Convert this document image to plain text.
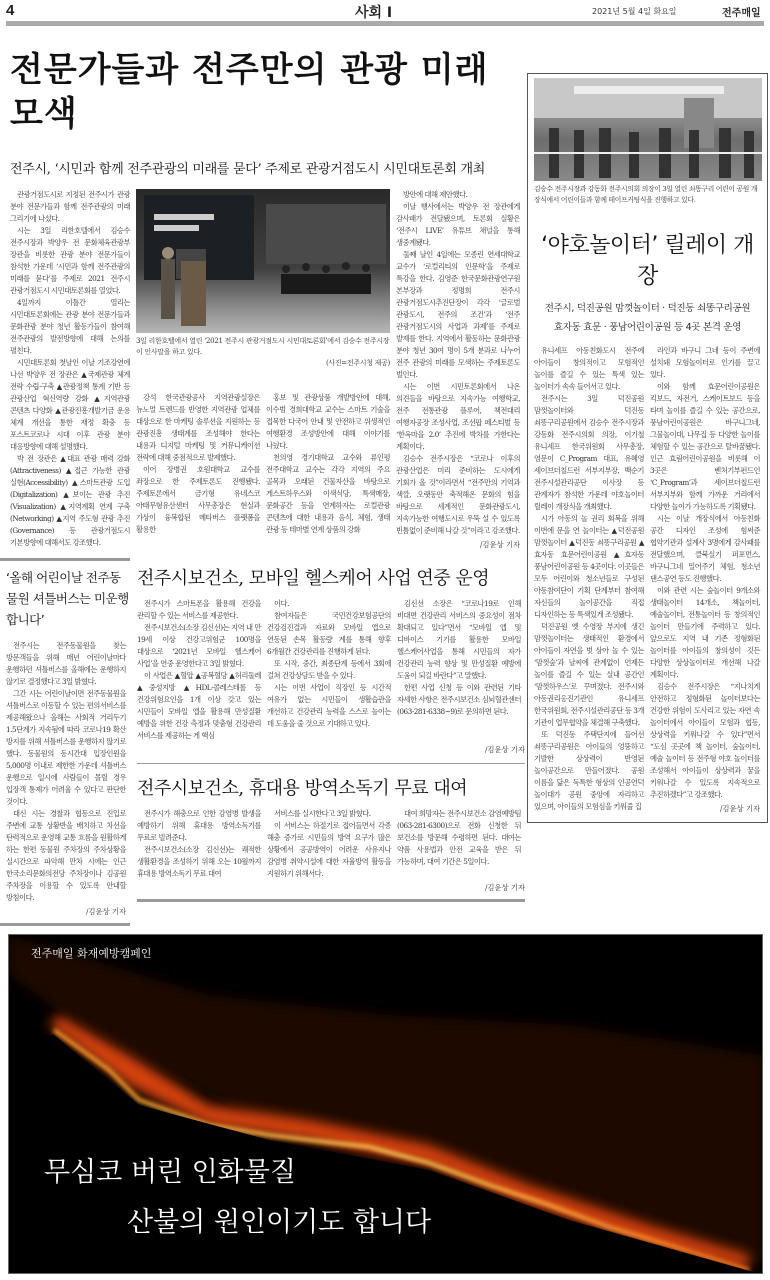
4	사회 I	2021년 5월 4일 화요일	전주매일
전문가들과 전주만의 관광 미래 모색
전주시, ‘시민과 함께 전주관광의 미래를 묻다’ 주제로 관광거점도시 시민대토론회 개최

관광거점도시로 지정된 전주시가 관광 분야 전문가들과 함께 전주관광의 미래 그리기에 나섰다.

시는 3일 리한호텔에서 김승수 전주시장과 박양우 전 문화체육관광부 장관을 비롯한 관광 분야 전문가들이 참석한 가운데 ‘시민과 함께 전주관광의 미래를 묻다’를 주제로 2021 전주시 관광거점도시 시민대토론회를 열었다.

4일까지 이틀간 열리는 시민대토론회에는 관광 분야 전문가들과 문화관광 분야 청년 활동가들이 참여해 전주관광의 발전방향에 대해 논의를 펼친다.

시민대토론회 첫날인 이날 기조강연에 나선 박양우 전 장관은 ▲국제관광 체계 전략 수립·구축 ▲관광정책 통계 기반 등 관광산업 혁신역량 강화 ▲지역관광 콘텐츠 다양화 ▲관광진흥개발기금 운용 체계 개선을 통한 재정 확충 등 포스트코로나 시대 이후 관광 분야 대응방향에 대해 설명했다.

박 전 장관은 ▲대표 관광 매력 강화(Attractiveness) ▲접근 가능한 관광 실현(Accessibility) ▲스마트관광 도입(Digitalization) ▲보이는 관광 추진(Visualization) ▲지역계획 연계 구축(Networking) ▲지역 주도형 관광 추진(Governance) 등 관광거점도시 기본방향에 대해서도 강조했다.

3일 리한호텔에서 열린 ‘2021 전주시 관광거점도시 시민대토론회’에서 김승수 전주시장이 인사말을 하고 있다.
(사진=전주시청 제공)

강석 한국관광공사 지역관광실장은 뉴노멀 트렌드를 반영한 지역관광 업체를 대상으로 한 마케팅 솔루션을 지원하는 등 관광진흥 생태계를 조성해야 한다는 내용과 디지털 마케팅 및 커뮤니케이션 전략에 대해 중점적으로 발제했다.

이어 장병권 호원대학교 교수를 좌장으로 한 주제토론도 진행됐다. 주제토론에서 금기형 유네스코 아태무형유산센터 사무총장은 현실과 가상이 융복합된 메타버스 플랫폼을 활용한

홍보 및 관광상품 개발방안에 대해, 이수범 경희대학교 교수는 스마트 기술을 접목한 다국어 안내 및 안전하고 위생적인 여행환경 조성방안에 대해 이야기를 나눴다.

천의영 경기대학교 교수와 류인평 전주대학교 교수는 각각 지역의 주요 골목과 오래된 건물자산을 바탕으로 게스트하우스와 이색식당, 특색매장, 문화공간 등을 연계하자는 로컬관광 콘텐츠에 대한 내용과 음식, 체험, 생태 관광 등 테마별 연계 상품의 강화

방안에 대해 제안했다.

이날 행사에서는 박양우 전 장관에게 감사패가 전달됐으며, 토론회 실황은 ‘전주시 LIVE’ 유튜브 채널을 통해 생중계됐다.

둘째 날인 4일에는 모종린 연세대학교 교수가 ‘로컬리티의 인문학’을 주제로 특강을 한다. 김영준 한국문화관광연구원 본부장과 정명희 전주시 관광거점도시추진단장이 각각 ‘글로벌 관광도시, 전주의 조건’과 ‘전주 관광거점도시의 사업과 과제’를 주제로 발제를 한다. 지역에서 활동하는 문화관광 분야 청년 30여 명이 5개 분과로 나누어 전주 관광의 미래를 모색하는 주제토론도 벌인다.

시는 이번 시민토론회에서 나온 의견들을 바탕으로 지속가능 여행학교, 전주 전통관광 플루어, 책전대리 여행자공장 조성사업, 조선팝 페스티벌 등 ‘한옥마을 2.0’ 추진에 박차를 가한다는 계획이다.

김승수 전주시장은 “코로나 이후의 관광산업은 미리 준비하는 도시에게 기회가 올 것”이라면서 “전주만의 기억과 색깔, 오랫동안 축적해온 문화의 힘을 바탕으로 세계적인 문화관광도시, 지속가능한 여행도시로 우뚝 설 수 있도록 빈틈없이 준비해 나갈 것”이라고 강조했다.

/김윤상 기자
‘올해 어린이날 전주동물원 셔틀버스는 미운행합니다’

전주시는 전주동물원을 찾는 방문객들을 위해 매년 어린이날마다 운행하던 셔틀버스를 올해에는 운행하지 않기로 결정했다고 3일 밝혔다.

그간 시는 어린이날이면 전주동물원을 셔틀버스로 이동할 수 있는 편의서비스를 제공해왔으나 올해는 사회적 거리두기 1.5단계가 지속됨에 따라 코로나19 확산 방지를 위해 셔틀버스를 운행하지 않기로 했다. 동물원의 동시간대 입장인원을 5,000명 이내로 제한한 가운데 셔틀버스 운행으로 일시에 사람들이 몰릴 경우 입장객 통제가 어려울 수 있다고 판단한 것이다.

대신 시는 경찰과 협동으로 진입로 주변에 교통 상황반을 배치하고 차선을 탄력적으로 운영해 교통 흐름을 원활하게 하는 한편 동물원 주차장의 주차상황을 실시간으로 파악해 만차 시에는 인근 한국소리문화의전당 주차장이나 김공원 주차장을 이용할 수 있도록 안내할 방침이다.

/김윤상 기자
전주시보건소, 모바일 헬스케어 사업 연중 운영

전주시가 스마트폰을 활용해 건강을 관리할 수 있는 서비스를 제공한다.

전주시보건소(소장 김신선)는 지역 내 만 19세 이상 건강고위험군 100명을 대상으로 ‘2021년 모바일 헬스케어 사업’을 연중 운영한다고 3일 밝혔다.

이 사업은 ▲혈압 ▲공복혈당 ▲허리둘레 ▲중성지방 ▲HDL-콜레스테롤 등 건강위험요인을 1개 이상 갖고 있는 시민들이 모바일 앱을 활용해 만성질환 예방을 위한 건강 측정과 맞춤형 건강관리 서비스를 제공하는 게 핵심

이다.

참여자들은 국민건강보험공단의 건강검진결과 자료와 모바일 앱으로 연동된 손목 활동량 계를 통해 향후 6개월간 건강관리를 진행하게 된다.

또 시작, 중간, 최종단계 등에서 3회에 걸쳐 건강상담도 받을 수 있다.

시는 이번 사업이 직장인 등 시간적 여유가 없는 시민들이 생활습관을 개선하고 건강관리 능력을 스스로 높이는 데 도움을 줄 것으로 기대하고 있다.

김신선 소장은 “코로나19로 인해 비대면 건강관리 서비스의 중요성이 점차 확대되고 있다”면서 “모바일 앱 및 디바이스 기기를 활용한 모바일 헬스케어사업을 통해 시민들의 자가 건강관리 능력 향상 및 만성질환 예방에 도움이 되길 바란다”고 말했다.

한편 사업 신청 등 이와 관련된 기타 자세한 사항은 전주시보건소 심뇌혈관센터(063-281-6338~9)로 문의하면 된다.

/김윤상 기자
전주시보건소, 휴대용 방역소독기 무료 대여

전주시가 해충으로 인한 감염병 발생을 예방하기 위해 휴대용 방역소독기를 무료로 빌려준다.

전주시보건소(소장 김신선)는 쾌적한 생활환경을 조성하기 위해 오는 10월까지 휴대용 방역소독기 무료 대여

서비스를 실시한다고 3일 밝혔다.

이 서비스는 하절기로 접어들면서 각종 해충 증가로 시민들의 방역 요구가 많은 상황에서 공공방역이 어려운 사유지나 감염병 취약시설에 대한 자율방역 활동을 지원하기 위해서다.

대여 희망자는 전주시보건소 감염예방팀(063-281-6300)으로 전화 신청한 뒤 보건소를 방문해 수령하면 된다. 대여는 약품 사용법과 안전 교육을 받은 뒤 가능하며, 대여 기간은 5일이다.

/김윤상 기자
김승수 전주시장과 강동화 전주시의회 의장이 3일 열린 쇠똥구리 어린이 공원 개장식에서 어린이들과 함께 테이프커팅식을 진행하고 있다.
‘야호놀이터’ 릴레이 개장
전주시, 덕진공원 맘껏놀이터 · 덕진동 쇠똥구리공원
효자동 효문 · 풍남어린이공원 등 4곳 본격 운영

유니세프 아동친화도시 전주에 아이들이 창의적이고 모험적인 놀이를 즐길 수 있는 특색 있는 놀이터가 속속 들어서고 있다.

전주시는 3일 덕진공원 맘껏놀이터와 덕진동 쇠똥구리공원에서 김승수 전주시장과 강동화 전주시의회 의장, 이기철 유니세프 한국위원회 사무총장, 염문이 C_Program 대표, 유혜영 세이브더칠드런 서부지부장, 백순기 전주시설관리공단 이사장 등 관계자가 참석한 가운데 야호놀이터 릴레이 개장식을 개최했다.

시가 아동의 놀 권리 회복을 위해 이번에 문을 연 놀이터는 ▲덕진공원 맘껏놀이터 ▲덕진동 쇠똥구리공원 ▲효자동 효문어린이공원 ▲효자동 풍남어린이공원 등 4곳이다. 이곳들은 모두 어린이와 청소년들로 구성된 아동참여단이 기획 단계부터 참여해 자신들의 놀이공간을 직접 디자인하는 등 특색있게 조성됐다.

덕진공원 옛 수영장 부지에 생긴 맘껏놀이터는 생태적인 환경에서 아이들이 자연을 벗 삼아 놀 수 있는 ‘맘껏숲’과 날씨에 관계없이 언제든 놀이를 즐길 수 있는 실내 공간인 ‘맘껏하우스’로 꾸며졌다. 전주시와 아동권리옹진기관인 유니세프 한국위원회, 전주시설관리공단 등 3개 기관이 업무협약을 체결해 구축했다.

또 덕진동 주택단지에 들어선 쇠똥구리공원은 아이들의 엉뚱하고 기발한 상상력이 반영된 놀이공간으로 만들어졌다. 공원 이름을 닮은 독특한 형상의 인공언덕 놀이대가 공원 중앙에 자리하고 있으며, 아이들의 모험심을 키워줄 집

라인과 바구니 그네 등이 주변에 설치돼 모험놀이터로 인기를 끌고 있다.

이와 함께 효문어린이공원은 킥보드, 자전거, 스케이트보드 등을 타며 놀이를 즐길 수 있는 공간으로, 풍남어린이공원은 바구니그네, 그물놀이대, 나무집 등 다양한 놀이를 체험할 수 있는 공간으로 탈바꿈됐다. 인근 효림어린이공원을 비롯해 이 3곳은 벤처기부펀드인 ‘C_Program’과 세이브더칠드런 서부지부와 함께 가까운 거리에서 다양한 놀이가 가능하도록 기획됐다.

시는 이날 개장식에서 아동친화 공간 디자인 조성에 힘써준 협약기관과 설계사 3명에게 감사패를 전달했으며, 클북실기 퍼포먼스, 바구니그네 밀어주기 체험, 청소년 댄스공연 등도 진행했다.

이와 관련 시는 숲놀이터 9개소와 생태놀이터 14개소, 책놀이터, 예술놀이터, 전통놀이터 등 창의적인 놀이터 만들기에 주력하고 있다. 앞으로도 지역 내 기존 정형화된 놀이터를 아이들의 창의성이 깃든 다양한 상상놀이터로 개선해 나갈 계획이다.

김승수 전주시장은 “지나치게 안전하고 정형화된 놀이터보다는 건강한 위험이 도사리고 있는 자연 속 놀이터에서 아이들이 모험과 협동, 상상력을 키워나갈 수 있다”면서 “도심 곳곳에 책 놀이터, 숲놀이터, 예술 놀이터 등 전주형 야호 놀이터를 조성해서 아이들이 상상력과 꿈을 키워나갈 수 있도록 지속적으로 추진하겠다”고 강조했다.

/김윤상 기자
전주매일 화재예방캠페인
무심코 버린 인화물질
산불의 원인이기도 합니다
